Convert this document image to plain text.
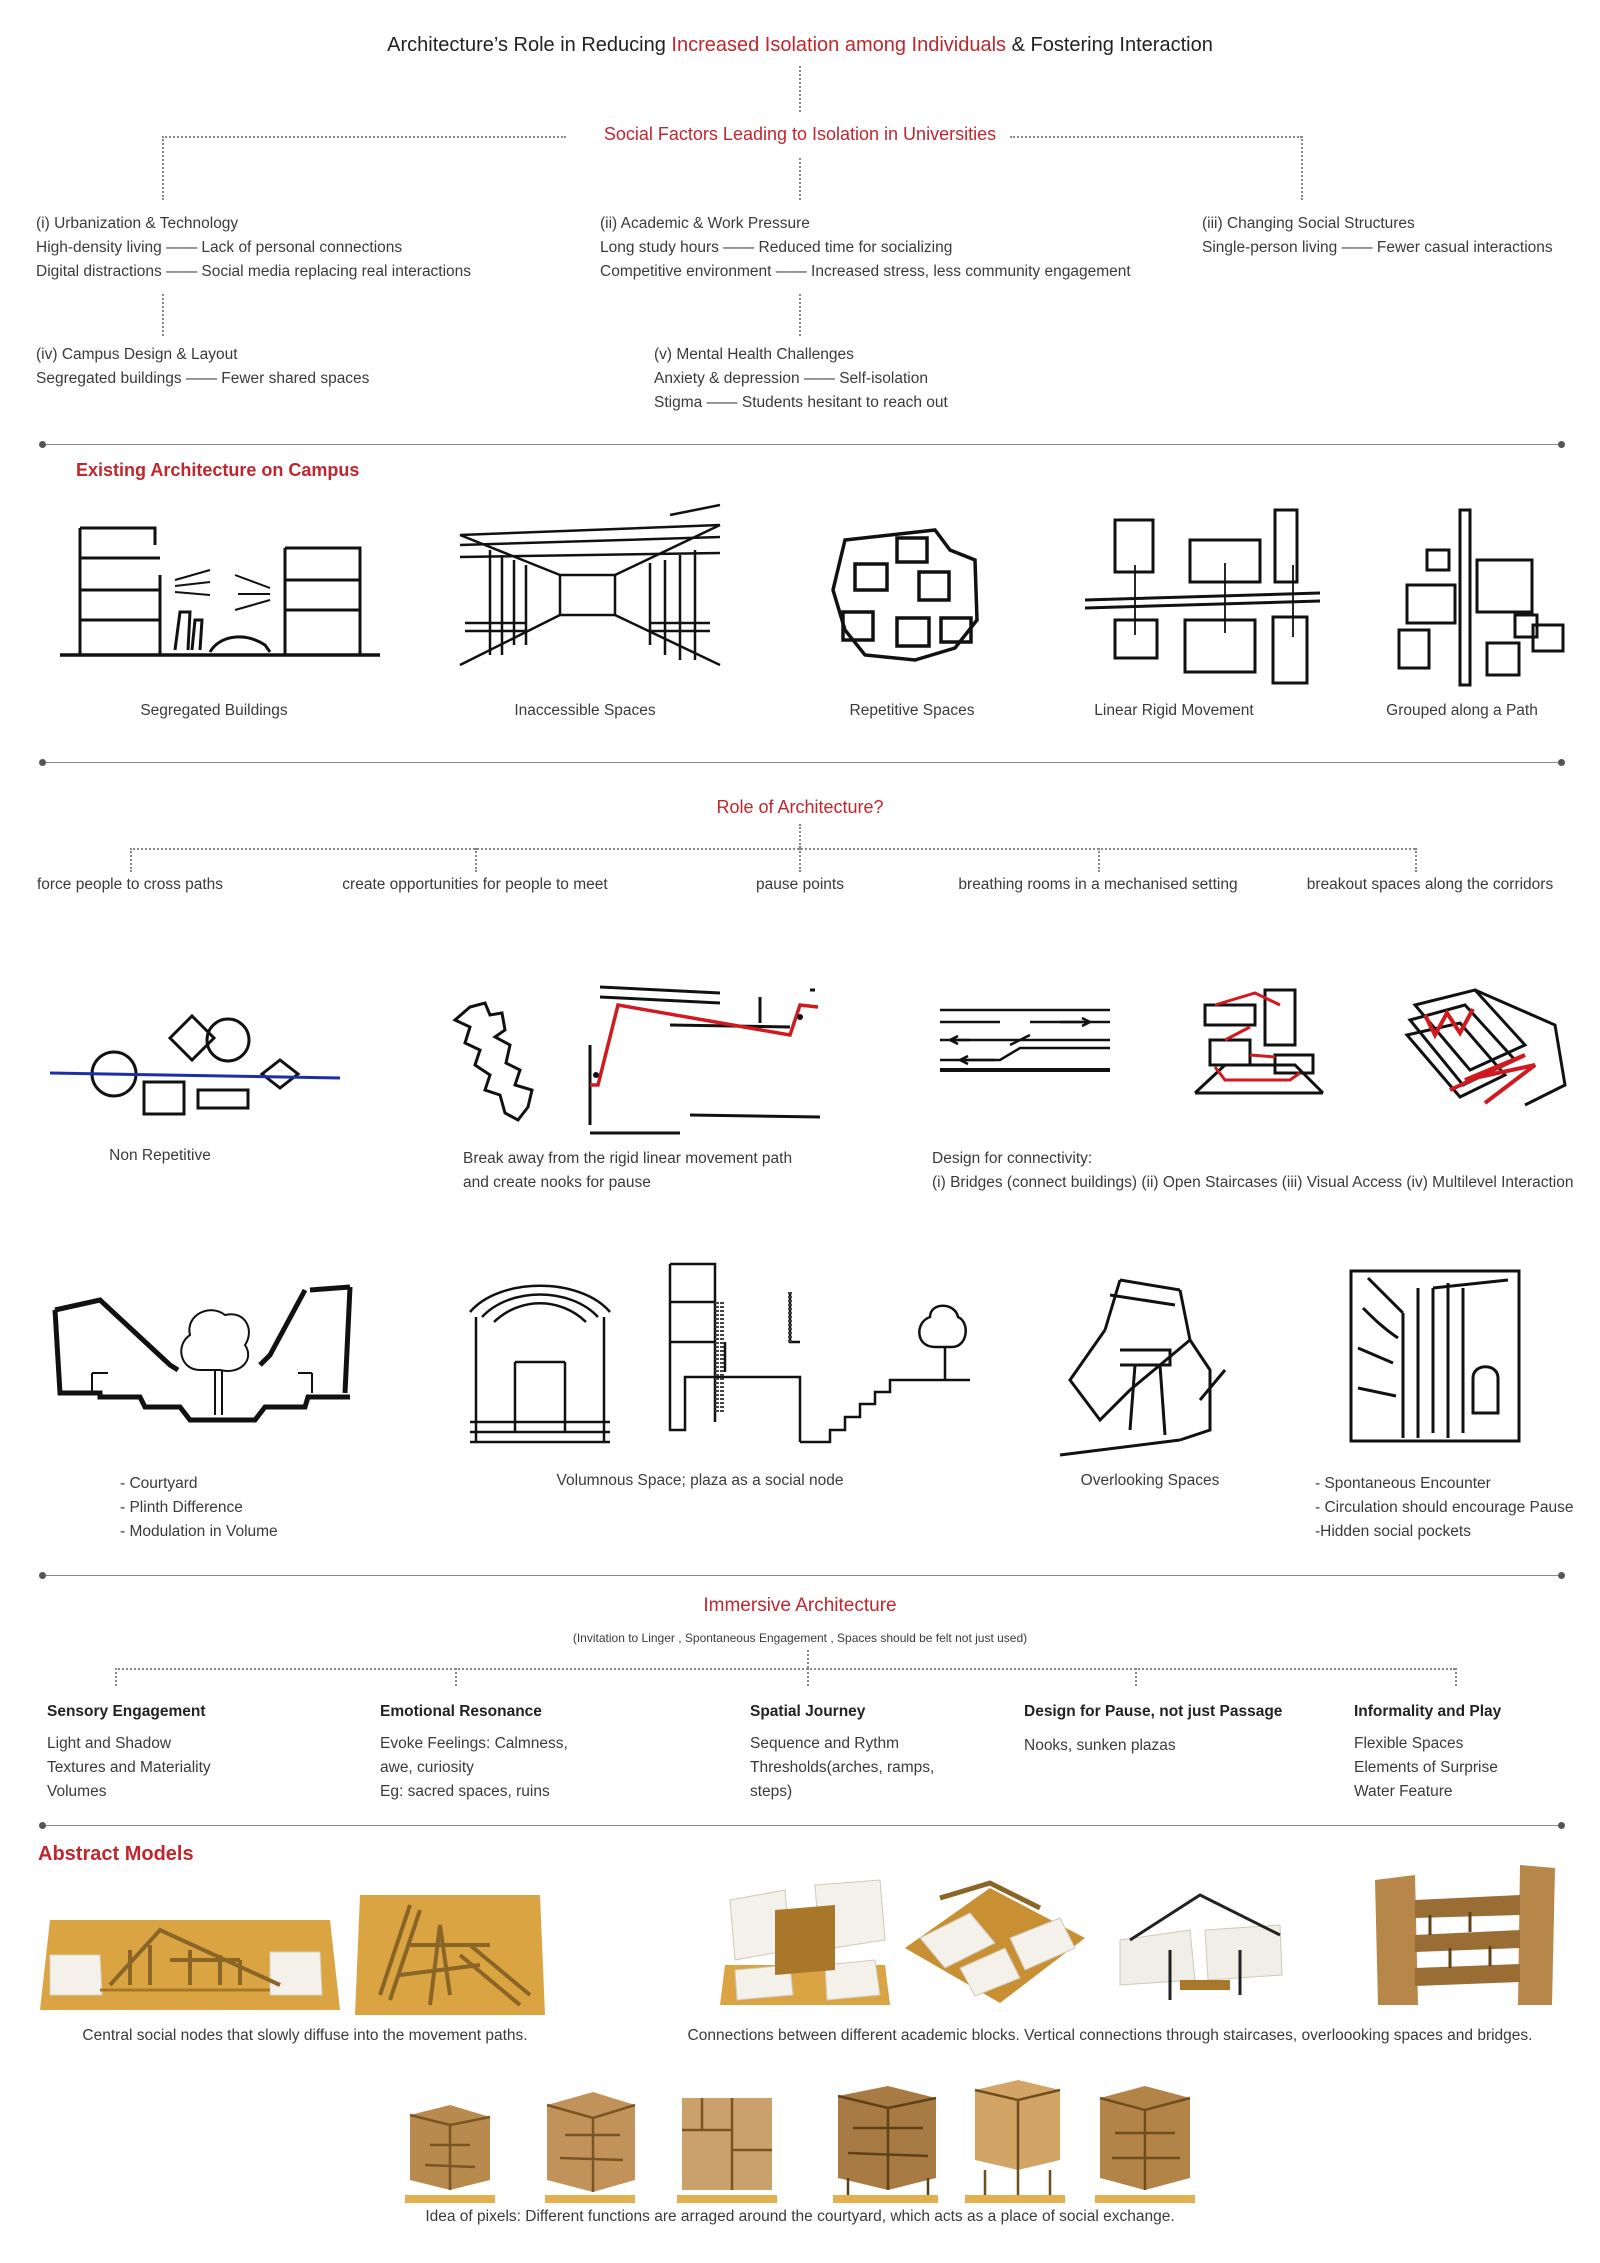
Architecture’s Role in Reducing Increased Isolation among Individuals & Fostering Interaction
Social Factors Leading to Isolation in Universities
(i) Urbanization & Technology
High-density living —— Lack of personal connections
Digital distractions —— Social media replacing real interactions
(ii) Academic & Work Pressure
Long study hours —— Reduced time for socializing
Competitive environment —— Increased stress, less community engagement
(iii) Changing Social Structures
Single-person living —— Fewer casual interactions
(iv) Campus Design & Layout
Segregated buildings —— Fewer shared spaces
(v) Mental Health Challenges
Anxiety & depression —— Self-isolation
Stigma —— Students hesitant to reach out
Existing Architecture on Campus
Segregated Buildings	Inaccessible Spaces	Repetitive Spaces	Linear Rigid Movement	Grouped along a Path
Role of Architecture?
force people to cross paths	create opportunities for people to meet	pause points	breathing rooms in a mechanised setting	breakout spaces along the corridors
Non Repetitive	Break away from the rigid linear movement path
and create nooks for pause
Design for connectivity:
(i) Bridges (connect buildings) (ii) Open Staircases (iii) Visual Access (iv) Multilevel Interaction
- Courtyard
- Plinth Difference
- Modulation in Volume
Volumnous Space; plaza as a social node	Overlooking Spaces	- Spontaneous Encounter
- Circulation should encourage Pause
-Hidden social pockets
Immersive Architecture
(Invitation to Linger , Spontaneous Engagement , Spaces should be felt not just used)
Sensory Engagement
Light and Shadow
Textures and Materiality
Volumes
Emotional Resonance
Evoke Feelings: Calmness,
awe, curiosity
Eg: sacred spaces, ruins
Spatial Journey
Sequence and Rythm
Thresholds(arches, ramps,
steps)
Design for Pause, not just Passage
Nooks, sunken plazas
Informality and Play
Flexible Spaces
Elements of Surprise
Water Feature
Abstract Models
Central social nodes that slowly diffuse into the movement paths.	Connections between different academic blocks. Vertical connections through staircases, overloooking spaces and bridges.
Idea of pixels: Different functions are arraged around the courtyard, which acts as a place of social exchange.
